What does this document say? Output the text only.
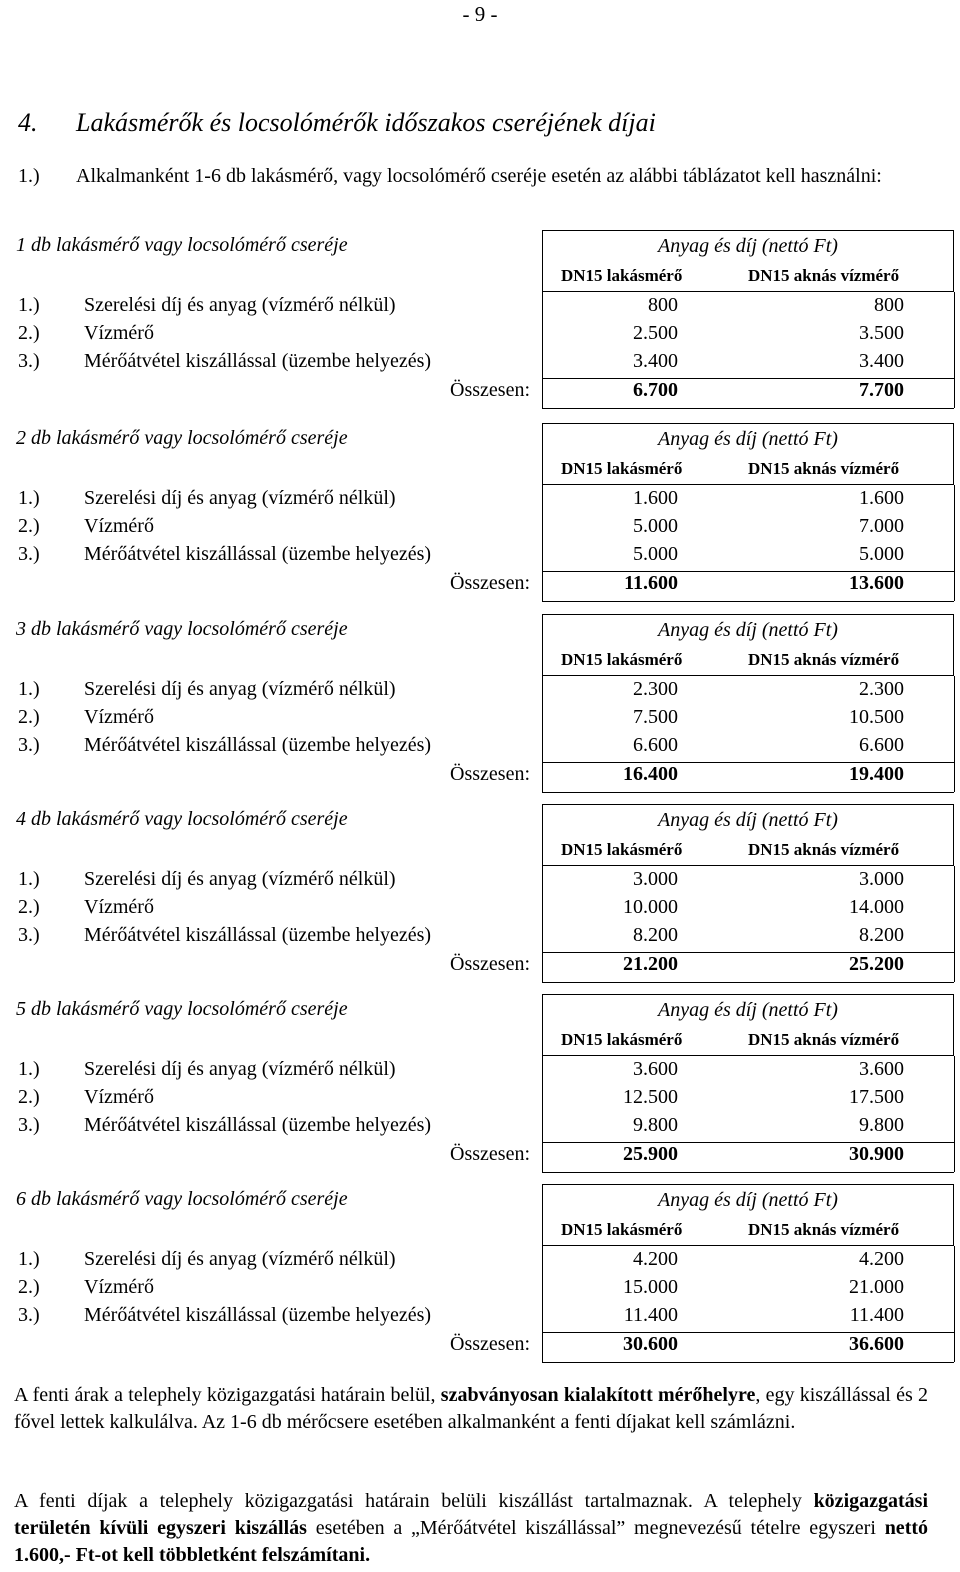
- 9 -
4. Lakásmérők és locsolómérők időszakos cseréjének díjai
1.) Alkalmanként 1-6 db lakásmérő, vagy locsolómérő cseréje esetén az alábbi táblázatot kell használni:
1 db lakásmérő vagy locsolómérő cseréje	Anyag és díj (nettó Ft)
DN15 lakásmérő	DN15 aknás vízmérő
1.) Szerelési díj és anyag (vízmérő nélkül)	800	800
2.) Vízmérő	2.500	3.500
3.) Mérőátvétel kiszállással (üzembe helyezés)	3.400	3.400
Összesen:	6.700	7.700
2 db lakásmérő vagy locsolómérő cseréje	Anyag és díj (nettó Ft)
DN15 lakásmérő	DN15 aknás vízmérő
1.) Szerelési díj és anyag (vízmérő nélkül)	1.600	1.600
2.) Vízmérő	5.000	7.000
3.) Mérőátvétel kiszállással (üzembe helyezés)	5.000	5.000
Összesen:	11.600	13.600
3 db lakásmérő vagy locsolómérő cseréje	Anyag és díj (nettó Ft)
DN15 lakásmérő	DN15 aknás vízmérő
1.) Szerelési díj és anyag (vízmérő nélkül)	2.300	2.300
2.) Vízmérő	7.500	10.500
3.) Mérőátvétel kiszállással (üzembe helyezés)	6.600	6.600
Összesen:	16.400	19.400
4 db lakásmérő vagy locsolómérő cseréje	Anyag és díj (nettó Ft)
DN15 lakásmérő	DN15 aknás vízmérő
1.) Szerelési díj és anyag (vízmérő nélkül)	3.000	3.000
2.) Vízmérő	10.000	14.000
3.) Mérőátvétel kiszállással (üzembe helyezés)	8.200	8.200
Összesen:	21.200	25.200
5 db lakásmérő vagy locsolómérő cseréje	Anyag és díj (nettó Ft)
DN15 lakásmérő	DN15 aknás vízmérő
1.) Szerelési díj és anyag (vízmérő nélkül)	3.600	3.600
2.) Vízmérő	12.500	17.500
3.) Mérőátvétel kiszállással (üzembe helyezés)	9.800	9.800
Összesen:	25.900	30.900
6 db lakásmérő vagy locsolómérő cseréje	Anyag és díj (nettó Ft)
DN15 lakásmérő	DN15 aknás vízmérő
1.) Szerelési díj és anyag (vízmérő nélkül)	4.200	4.200
2.) Vízmérő	15.000	21.000
3.) Mérőátvétel kiszállással (üzembe helyezés)	11.400	11.400
Összesen:	30.600	36.600
A fenti árak a telephely közigazgatási határain belül, szabványosan kialakított mérőhelyre, egy kiszállással és 2 fővel lettek kalkulálva. Az 1-6 db mérőcsere esetében alkalmanként a fenti díjakat kell számlázni.
A fenti díjak a telephely közigazgatási határain belüli kiszállást tartalmaznak. A telephely közigazgatási területén kívüli egyszeri kiszállás esetében a „Mérőátvétel kiszállással” megnevezésű tételre egyszeri nettó 1.600,- Ft-ot kell többletként felszámítani.
